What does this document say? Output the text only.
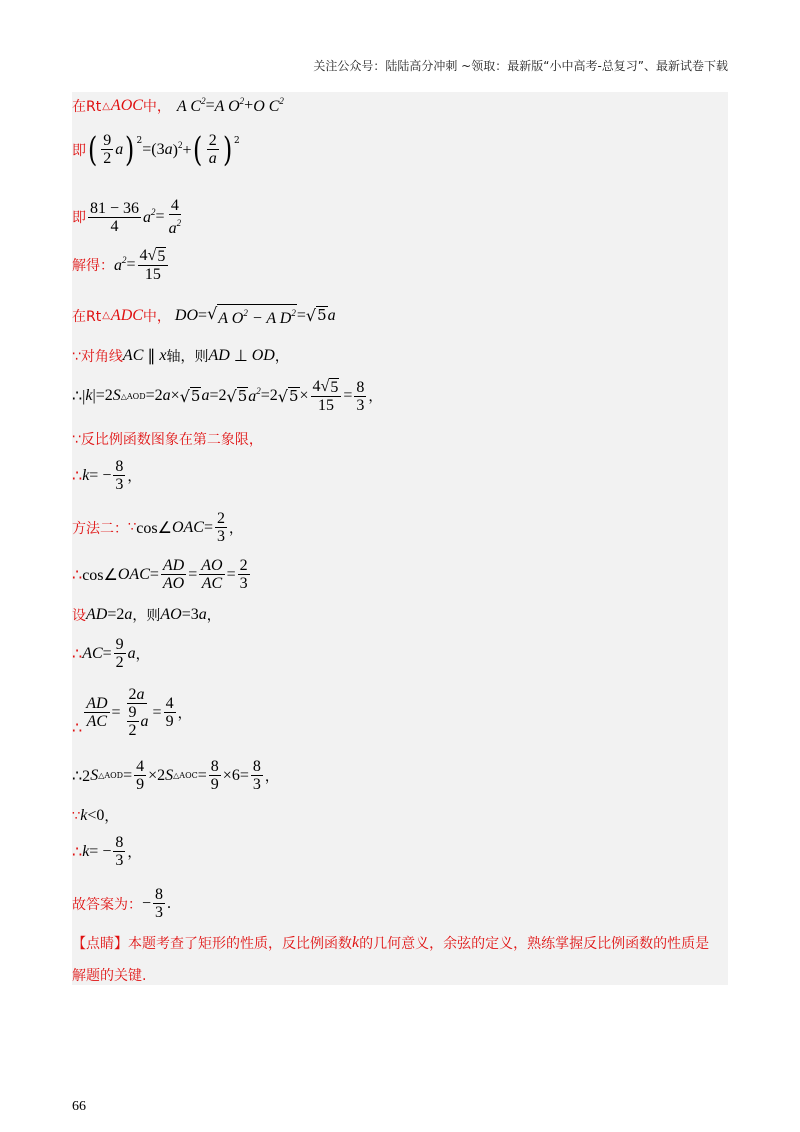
关注公众号：陆陆高分冲刺 ~领取：最新版“小中高考-总复习”、最新试卷下载
在Rt △ AOC 中， A $C^2 = A$ $O^2 + O$ $C^2$
即 ( $\frac{9}{2}$ a )$^2$ =(3 a )$^2$+ ( $\frac{2}{a} )^2$
即 $\frac{81 - 36}{4} a^2 = \frac{4}{a^2}$
解得： $a^2 = \frac{4 √ 5}{15}$
在Rt △ ADC 中， DO = √ A $O^2 - A$ $D^2$ = √ 5 a
∵对角线 AC ∥ x 轴，则 AD ⊥ OD ，
∴| k |=2 S △AOD =2 a × √ 5 a =2 √ 5 $a^2 =2$ √ $5 \times \frac{4 √ 5}{15} = \frac{8}{3}$ ，
∵反比例函数图象在第二象限，
∴ k = − $\frac{8}{3}$ ，
方法二： ∵ cos∠ OAC = $\frac{2}{3}$ ，
∴ cos∠ OAC = $\frac{AD}{AO} = \frac{AO}{AC} = \frac{2}{3}$
设 AD =2 a ，则 AO =3 a ，
∴ AC = $\frac{9}{2}$ a ，
∴ $\frac{AD}{AC} = \frac{2a}{\frac{9}{2} a} = \frac{4}{9}$ ，
∴2 S △AOD = $\frac{4}{9} \times 2$ S △AOC = $\frac{8}{9} \times 6= \frac{8}{3}$ ，
∵ k <0 ，
∴ k = − $\frac{8}{3}$ ，
故答案为： − $\frac{8}{3}$ .
【点睛】 本题考查了矩形的性质，反比例函数 k 的几何意义，余弦的定义，熟练掌握反比例函数的性质是
解题的关键.
66
